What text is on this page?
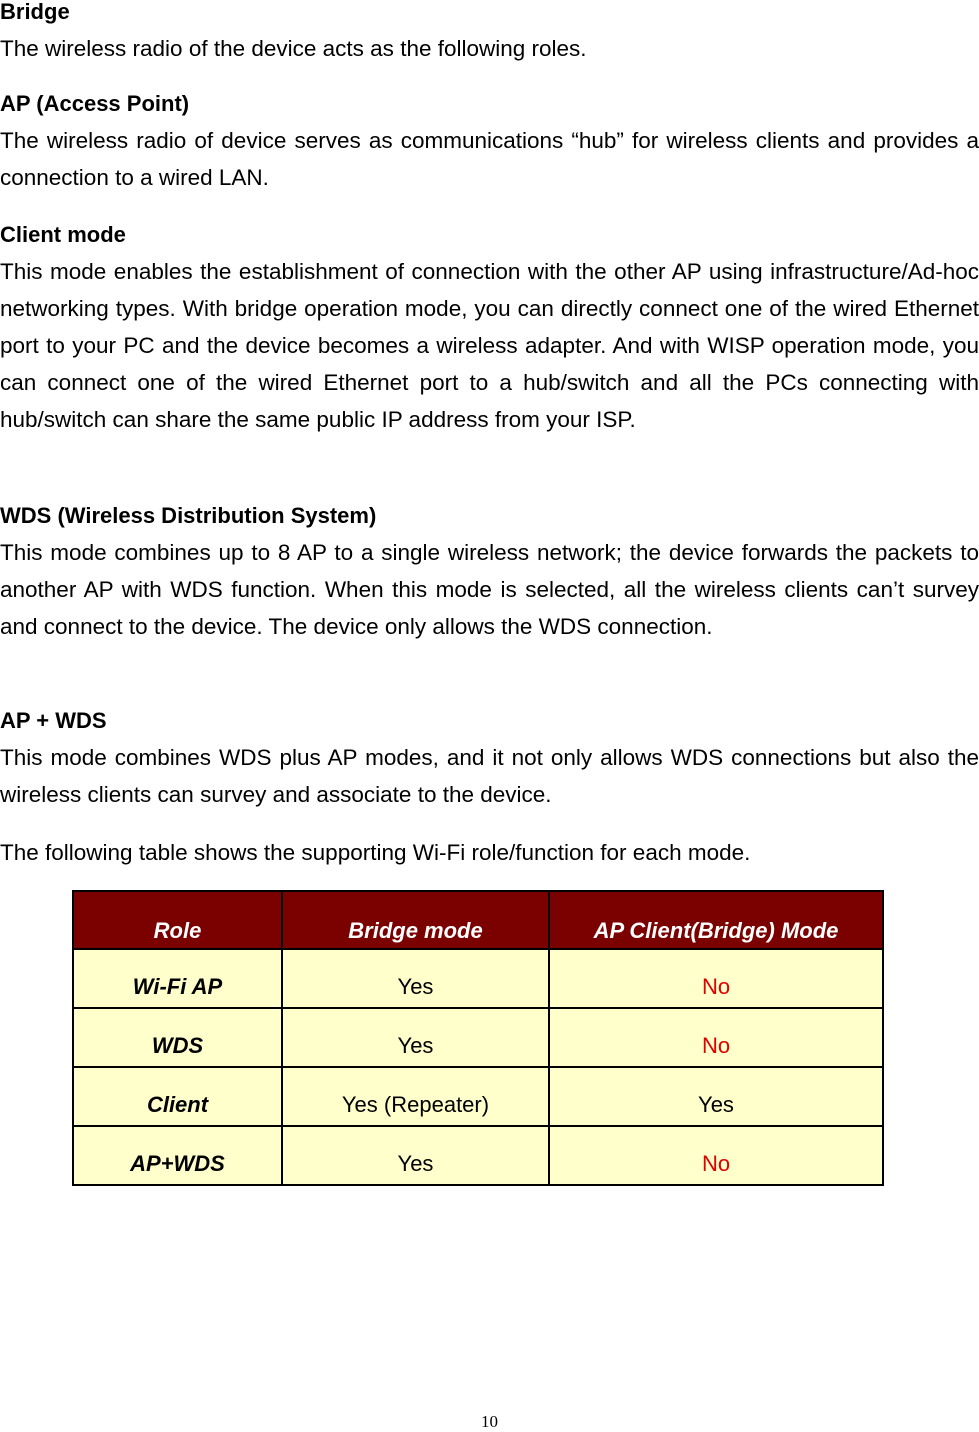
Bridge

The wireless radio of the device acts as the following roles.

AP (Access Point)

The wireless radio of device serves as communications “hub” for wireless clients and provides a connection to a wired LAN.

Client mode

This mode enables the establishment of connection with the other AP using infrastructure/Ad-hoc networking types. With bridge operation mode, you can directly connect one of the wired Ethernet port to your PC and the device becomes a wireless adapter. And with WISP operation mode, you can connect one of the wired Ethernet port to a hub/switch and all the PCs connecting with hub/switch can share the same public IP address from your ISP.

WDS (Wireless Distribution System)

This mode combines up to 8 AP to a single wireless network; the device forwards the packets to another AP with WDS function. When this mode is selected, all the wireless clients can’t survey and connect to the device. The device only allows the WDS connection.

AP + WDS

This mode combines WDS plus AP modes, and it not only allows WDS connections but also the wireless clients can survey and associate to the device.

The following table shows the supporting Wi-Fi role/function for each mode.

Role	Bridge mode	AP Client(Bridge) Mode
Wi-Fi AP	Yes	No
WDS	Yes	No
Client	Yes (Repeater)	Yes
AP+WDS	Yes	No
10
